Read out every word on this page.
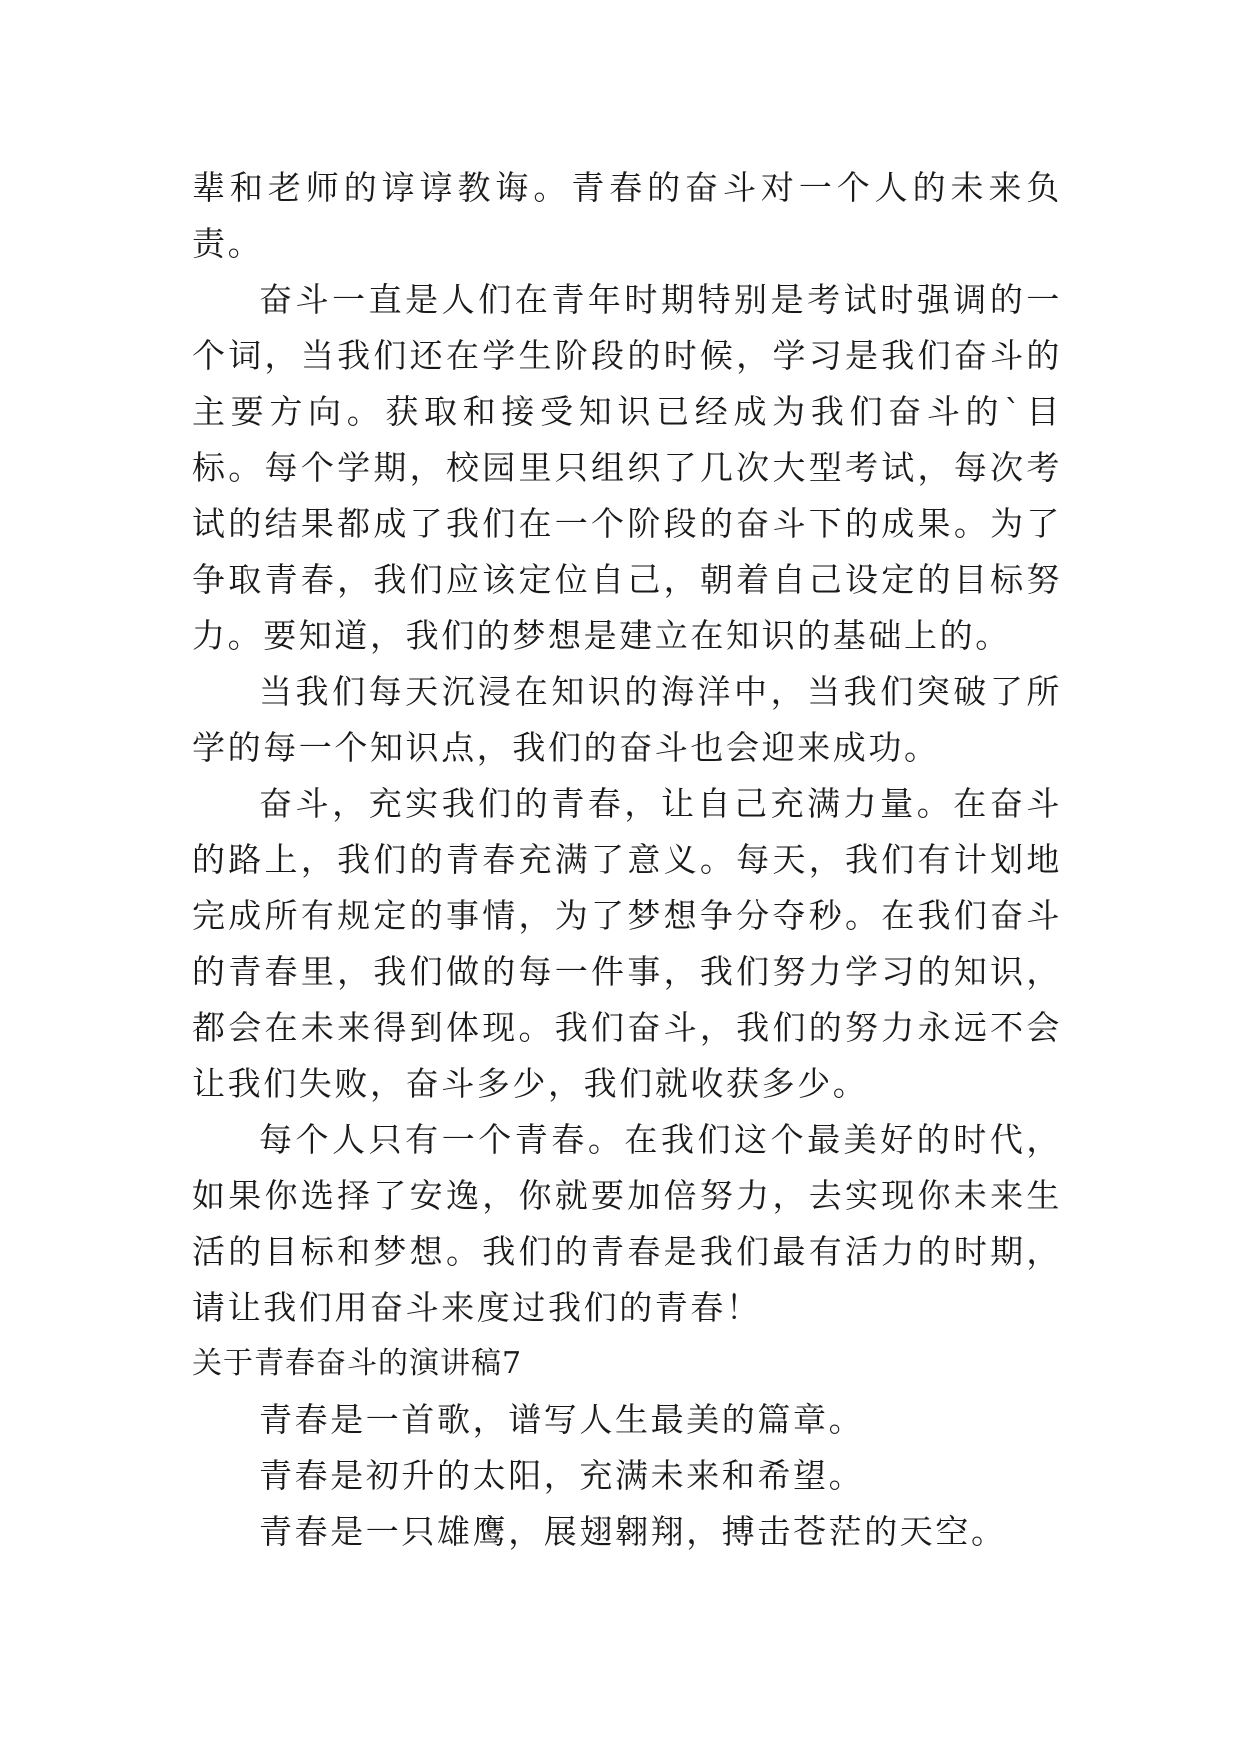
辈和老师的谆谆教诲。青春的奋斗对一个人的未来负责。

奋斗一直是人们在青年时期特别是考试时强调的一个词，当我们还在学生阶段的时候，学习是我们奋斗的主要方向。获取和接受知识已经成为我们奋斗的`目标。每个学期，校园里只组织了几次大型考试，每次考试的结果都成了我们在一个阶段的奋斗下的成果。为了争取青春，我们应该定位自己，朝着自己设定的目标努力。要知道，我们的梦想是建立在知识的基础上的。

当我们每天沉浸在知识的海洋中，当我们突破了所学的每一个知识点，我们的奋斗也会迎来成功。

奋斗，充实我们的青春，让自己充满力量。在奋斗的路上，我们的青春充满了意义。每天，我们有计划地完成所有规定的事情，为了梦想争分夺秒。在我们奋斗的青春里，我们做的每一件事，我们努力学习的知识，都会在未来得到体现。我们奋斗，我们的努力永远不会让我们失败，奋斗多少，我们就收获多少。

每个人只有一个青春。在我们这个最美好的时代，如果你选择了安逸，你就要加倍努力，去实现你未来生活的目标和梦想。我们的青春是我们最有活力的时期，请让我们用奋斗来度过我们的青春！

关于青春奋斗的演讲稿7

青春是一首歌，谱写人生最美的篇章。

青春是初升的太阳，充满未来和希望。

青春是一只雄鹰，展翅翱翔，搏击苍茫的天空。
